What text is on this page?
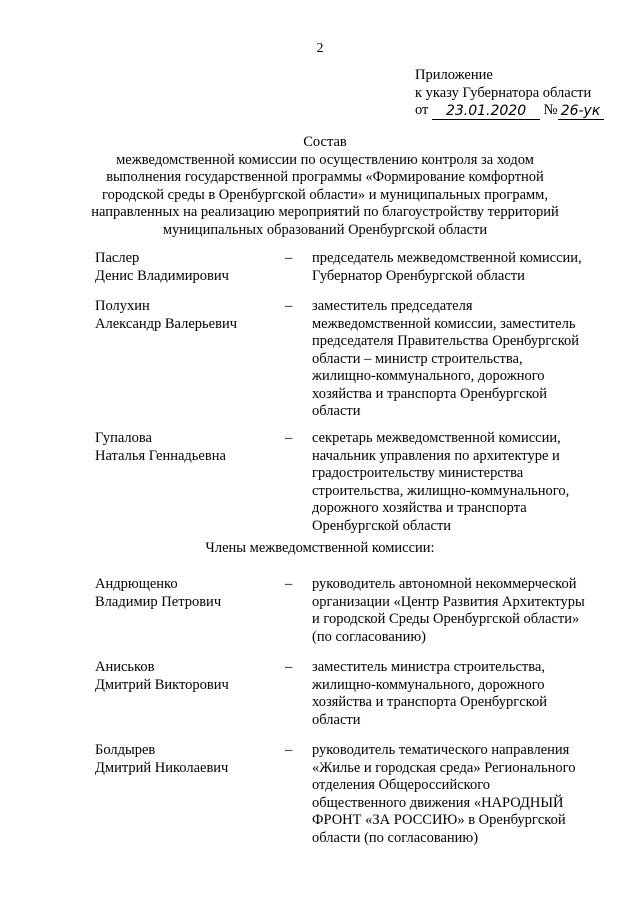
2
Приложение
к указу Губернатора области
от 23.01.2020 № 26-ук
Состав
межведомственной комиссии по осуществлению контроля за ходом
выполнения государственной программы «Формирование комфортной
городской среды в Оренбургской области» и муниципальных программ,
направленных на реализацию мероприятий по благоустройству территорий
муниципальных образований Оренбургской области
Паслер
Денис Владимирович
–	председатель межведомственной комиссии,
Губернатор Оренбургской области
Полухин
Александр Валерьевич
–	заместитель председателя
межведомственной комиссии, заместитель
председателя Правительства Оренбургской
области – министр строительства,
жилищно-коммунального, дорожного
хозяйства и транспорта Оренбургской
области
Гупалова
Наталья Геннадьевна
–	секретарь межведомственной комиссии,
начальник управления по архитектуре и
градостроительству министерства
строительства, жилищно-коммунального,
дорожного хозяйства и транспорта
Оренбургской области
Члены межведомственной комиссии:
Андрющенко
Владимир Петрович
–	руководитель автономной некоммерческой
организации «Центр Развития Архитектуры
и городской Среды Оренбургской области»
(по согласованию)
Аниськов
Дмитрий Викторович
–	заместитель министра строительства,
жилищно-коммунального, дорожного
хозяйства и транспорта Оренбургской
области
Болдырев
Дмитрий Николаевич
–	руководитель тематического направления
«Жилье и городская среда» Регионального
отделения Общероссийского
общественного движения «НАРОДНЫЙ
ФРОНТ «ЗА РОССИЮ» в Оренбургской
области (по согласованию)
